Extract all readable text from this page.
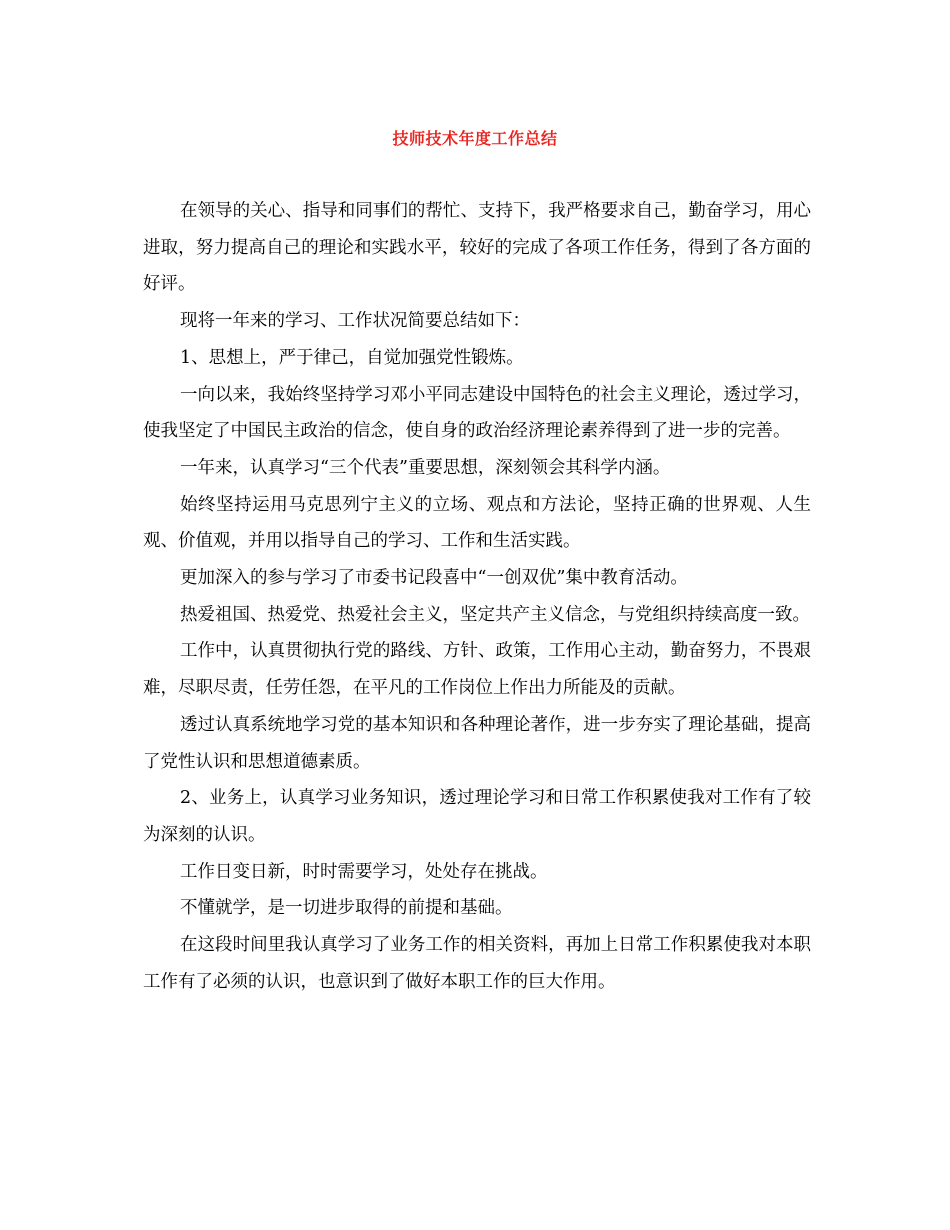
技师技术年度工作总结

在领导的关心、指导和同事们的帮忙、支持下，我严格要求自己，勤奋学习，用心进取，努力提高自己的理论和实践水平，较好的完成了各项工作任务，得到了各方面的好评。

现将一年来的学习、工作状况简要总结如下：

1、思想上，严于律己，自觉加强党性锻炼。

一向以来，我始终坚持学习邓小平同志建设中国特色的社会主义理论，透过学习，使我坚定了中国民主政治的信念，使自身的政治经济理论素养得到了进一步的完善。

一年来，认真学习“三个代表”重要思想，深刻领会其科学内涵。

始终坚持运用马克思列宁主义的立场、观点和方法论，坚持正确的世界观、人生观、价值观，并用以指导自己的学习、工作和生活实践。

更加深入的参与学习了市委书记段喜中“一创双优”集中教育活动。

热爱祖国、热爱党、热爱社会主义，坚定共产主义信念，与党组织持续高度一致。

工作中，认真贯彻执行党的路线、方针、政策，工作用心主动，勤奋努力，不畏艰难，尽职尽责，任劳任怨，在平凡的工作岗位上作出力所能及的贡献。

透过认真系统地学习党的基本知识和各种理论著作，进一步夯实了理论基础，提高了党性认识和思想道德素质。

2、业务上，认真学习业务知识，透过理论学习和日常工作积累使我对工作有了较为深刻的认识。

工作日变日新，时时需要学习，处处存在挑战。

不懂就学，是一切进步取得的前提和基础。

在这段时间里我认真学习了业务工作的相关资料，再加上日常工作积累使我对本职工作有了必须的认识，也意识到了做好本职工作的巨大作用。
